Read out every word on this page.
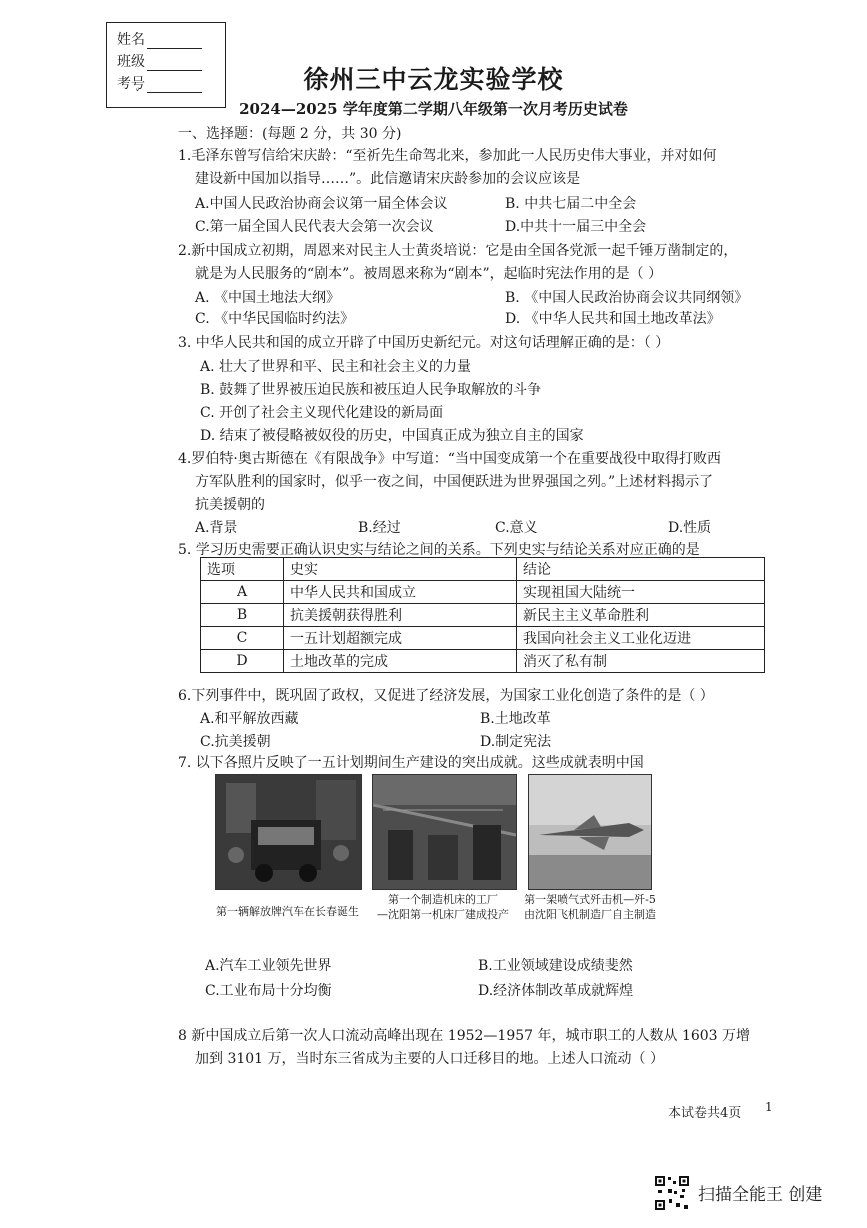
姓名
班级
考号
˅
徐州三中云龙实验学校
2024—2025 学年度第二学期八年级第一次月考历史试卷
一、选择题：(每题 2 分，共 30 分)
1.毛泽东曾写信给宋庆龄：“至祈先生命驾北来，参加此一人民历史伟大事业，并对如何
建设新中国加以指导……”。此信邀请宋庆龄参加的会议应该是
A.中国人民政治协商会议第一届全体会议	B. 中共七届二中全会
C.第一届全国人民代表大会第一次会议	D.中共十一届三中全会
2.新中国成立初期，周恩来对民主人士黄炎培说：它是由全国各党派一起千锤万凿制定的，
就是为人民服务的“剧本”。被周恩来称为“剧本”，起临时宪法作用的是（ ）
A. 《中国土地法大纲》	B. 《中国人民政治协商会议共同纲领》
C. 《中华民国临时约法》	D. 《中华人民共和国土地改革法》
3. 中华人民共和国的成立开辟了中国历史新纪元。对这句话理解正确的是：（ ）
A. 壮大了世界和平、民主和社会主义的力量
B. 鼓舞了世界被压迫民族和被压迫人民争取解放的斗争
C. 开创了社会主义现代化建设的新局面
D. 结束了被侵略被奴役的历史，中国真正成为独立自主的国家
4.罗伯特·奥古斯德在《有限战争》中写道：“当中国变成第一个在重要战役中取得打败西
方军队胜利的国家时，似乎一夜之间，中国便跃进为世界强国之列。”上述材料揭示了
抗美援朝的
A.背景	B.经过	C.意义	D.性质
5. 学习历史需要正确认识史实与结论之间的关系。下列史实与结论关系对应正确的是
选项	史实	结论
A	中华人民共和国成立	实现祖国大陆统一
B	抗美援朝获得胜利	新民主主义革命胜利
C	一五计划超额完成	我国向社会主义工业化迈进
D	土地改革的完成	消灭了私有制
6.下列事件中，既巩固了政权，又促进了经济发展，为国家工业化创造了条件的是（ ）
A.和平解放西藏	B.土地改革
C.抗美援朝	D.制定宪法
7. 以下各照片反映了一五计划期间生产建设的突出成就。这些成就表明中国
第一辆解放牌汽车在长春诞生
第一个制造机床的工厂
—沈阳第一机床厂建成投产
第一架喷气式歼击机—歼-5
由沈阳飞机制造厂自主制造
A.汽车工业领先世界	B.工业领域建设成绩斐然
C.工业布局十分均衡	D.经济体制改革成就辉煌
8 新中国成立后第一次人口流动高峰出现在 1952—1957 年，城市职工的人数从 1603 万增
加到 3101 万，当时东三省成为主要的人口迁移目的地。上述人口流动（ ）
本试卷共4页 1
扫描全能王 创建
